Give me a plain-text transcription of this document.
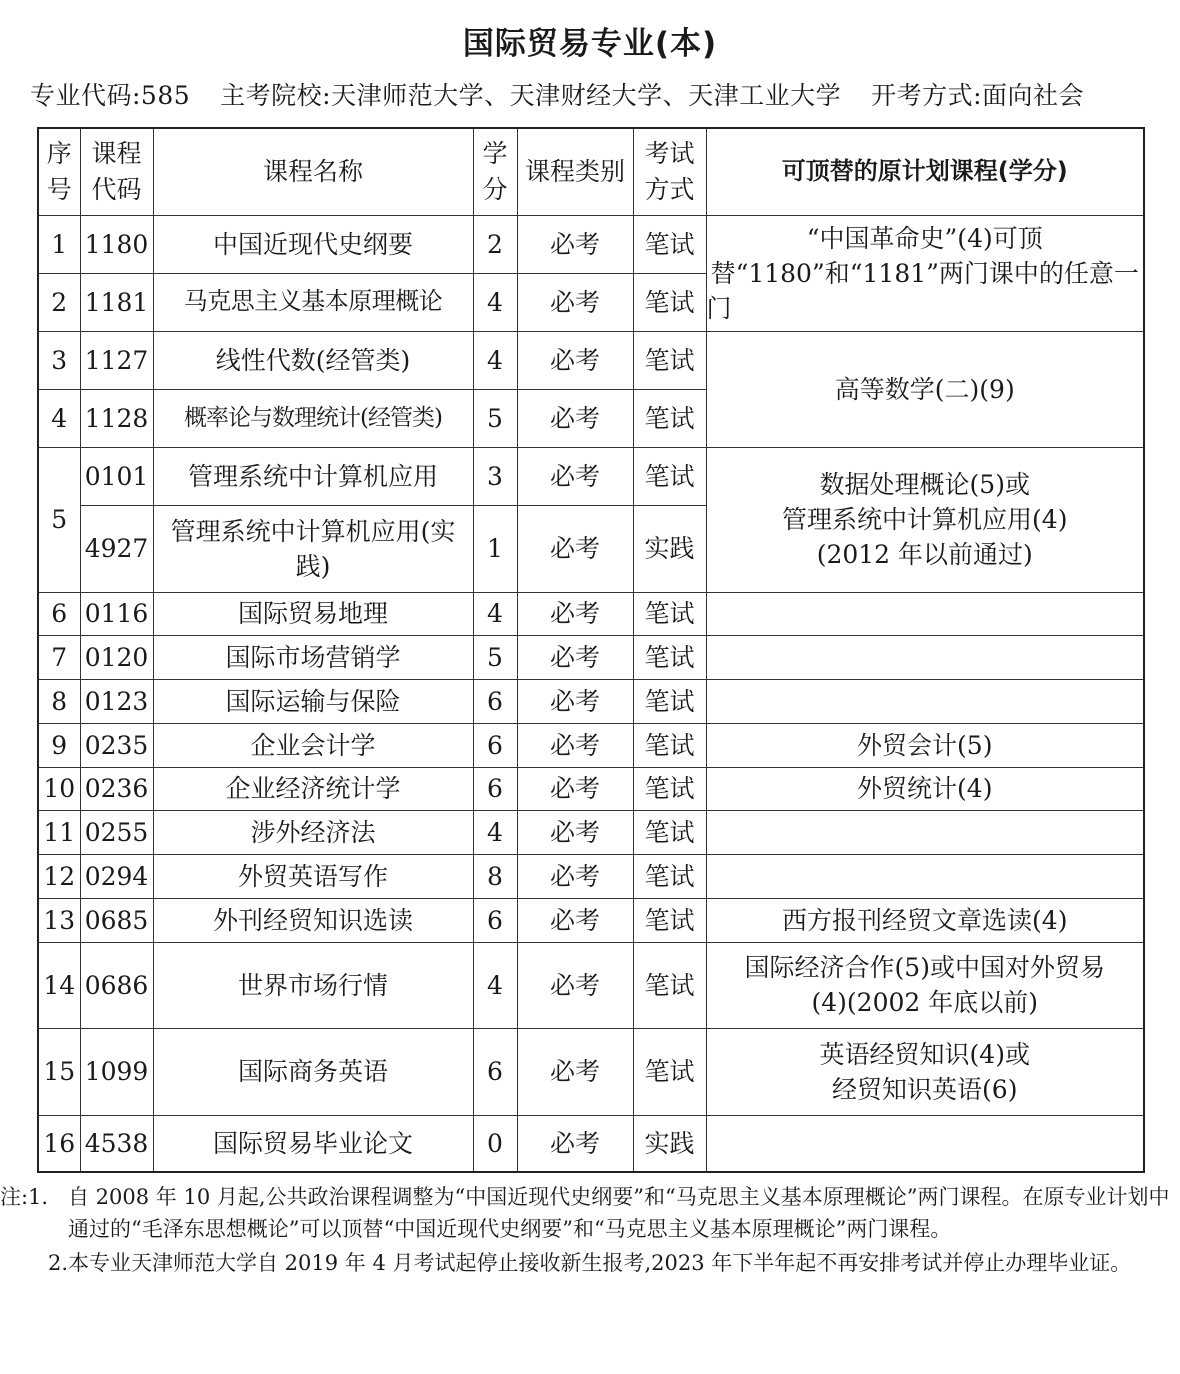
国际贸易专业(本)
专业代码:585 主考院校:天津师范大学、天津财经大学、天津工业大学 开考方式:面向社会
序号	课程代码	课程名称	学分	课程类别	考试方式	可顶替的原计划课程(学分)
1	1180	中国近现代史纲要	2	必考	笔试	“中国革命史”(4)可顶替“1180”和“1181”两门课中的任意一门
2	1181	马克思主义基本原理概论	4	必考	笔试	
3	1127	线性代数(经管类)	4	必考	笔试	高等数学(二)(9)
4	1128	概率论与数理统计(经管类)	5	必考	笔试	
5	0101	管理系统中计算机应用	3	必考	笔试	数据处理概论(5)或
管理系统中计算机应用(4)
(2012 年以前通过)

	4927	管理系统中计算机应用(实践)	1	必考	实践	
6	0116	国际贸易地理	4	必考	笔试	
7	0120	国际市场营销学	5	必考	笔试	
8	0123	国际运输与保险	6	必考	笔试	
9	0235	企业会计学	6	必考	笔试	外贸会计(5)
10	0236	企业经济统计学	6	必考	笔试	外贸统计(4)
11	0255	涉外经济法	4	必考	笔试	
12	0294	外贸英语写作	8	必考	笔试	
13	0685	外刊经贸知识选读	6	必考	笔试	西方报刊经贸文章选读(4)
14	0686	世界市场行情	4	必考	笔试	国际经济合作(5)或中国对外贸易(4)(2002 年底以前)
15	1099	国际商务英语	6	必考	笔试	英语经贸知识(4)或
经贸知识英语(6)

16	4538	国际贸易毕业论文	0	必考	实践	
注:1. 自 2008 年 10 月起,公共政治课程调整为“中国近现代史纲要”和“马克思主义基本原理概论”两门课程。在原专业计划中通过的“毛泽东思想概论”可以顶替“中国近现代史纲要”和“马克思主义基本原理概论”两门课程。
2. 本专业天津师范大学自 2019 年 4 月考试起停止接收新生报考,2023 年下半年起不再安排考试并停止办理毕业证。
